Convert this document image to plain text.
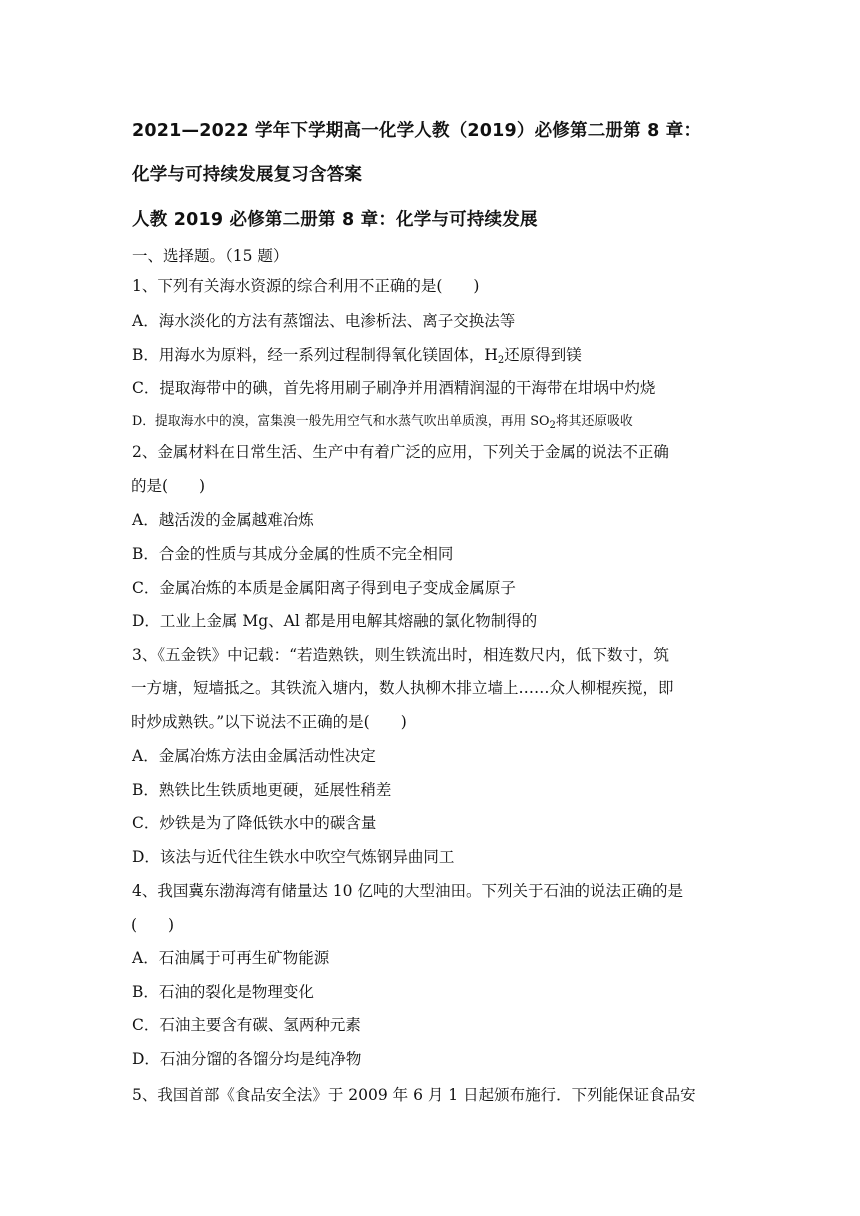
2021—2022 学年下学期高一化学人教（2019）必修第二册第 8 章：
化学与可持续发展复习含答案
人教 2019 必修第二册第 8 章：化学与可持续发展
一、选择题。（15 题）
1、下列有关海水资源的综合利用不正确的是(　　)
A．海水淡化的方法有蒸馏法、电渗析法、离子交换法等
B．用海水为原料，经一系列过程制得氧化镁固体，$H_2$还原得到镁
C．提取海带中的碘，首先将用刷子刷净并用酒精润湿的干海带在坩埚中灼烧
D．提取海水中的溴，富集溴一般先用空气和水蒸气吹出单质溴，再用 $SO_2$将其还原吸收
2、金属材料在日常生活、生产中有着广泛的应用，下列关于金属的说法不正确
的是(　　)
A．越活泼的金属越难冶炼
B．合金的性质与其成分金属的性质不完全相同
C．金属冶炼的本质是金属阳离子得到电子变成金属原子
D．工业上金属 Mg、Al 都是用电解其熔融的氯化物制得的
3、《五金铁》中记载：“若造熟铁，则生铁流出时，相连数尺内，低下数寸，筑
一方塘，短墙抵之。其铁流入塘内，数人执柳木排立墙上……众人柳棍疾搅，即
时炒成熟铁。”以下说法不正确的是(　　)
A．金属冶炼方法由金属活动性决定
B．熟铁比生铁质地更硬，延展性稍差
C．炒铁是为了降低铁水中的碳含量
D．该法与近代往生铁水中吹空气炼钢异曲同工
4、我国冀东渤海湾有储量达 10 亿吨的大型油田。下列关于石油的说法正确的是
(　　)
A．石油属于可再生矿物能源
B．石油的裂化是物理变化
C．石油主要含有碳、氢两种元素
D．石油分馏的各馏分均是纯净物
5、我国首部《食品安全法》于 2009 年 6 月 1 日起颁布施行．下列能保证食品安
